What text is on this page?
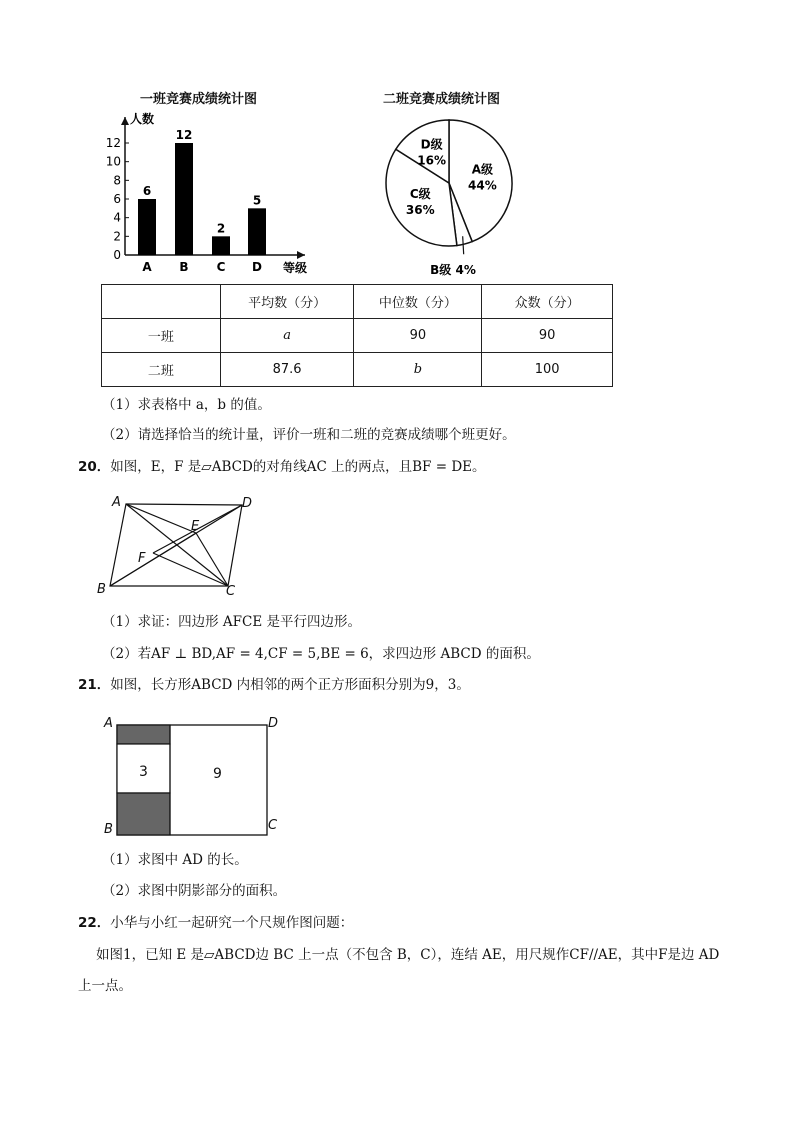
一班竞赛成绩统计图
人数
0
2
4
6
8
10
12
6
A
12
B
2
C
5
D 等级
二班竞赛成绩统计图
A级
44%
C级
36%
D级
16%
B级 4%
	平均数（分）	中位数（分）	众数（分）
一班	a	90	90
二班	87.6	b	100
（1）求表格中 a，b 的值。
（2）请选择恰当的统计量，评价一班和二班的竞赛成绩哪个班更好。
20．如图，E，F 是▱ABCD的对角线AC 上的两点，且BF = DE。
A	D
E
F
B	C
（1）求证：四边形 AFCE 是平行四边形。
（2）若AF ⊥ BD,AF = 4,CF = 5,BE = 6，求四边形 ABCD 的面积。
21．如图，长方形ABCD 内相邻的两个正方形面积分别为9，3。
3	9
A	D
B	C
（1）求图中 AD 的长。
（2）求图中阴影部分的面积。
22．小华与小红一起研究一个尺规作图问题：
如图1，已知 E 是▱ABCD边 BC 上一点（不包含 B，C），连结 AE，用尺规作CF//AE，其中F是边 AD
上一点。
